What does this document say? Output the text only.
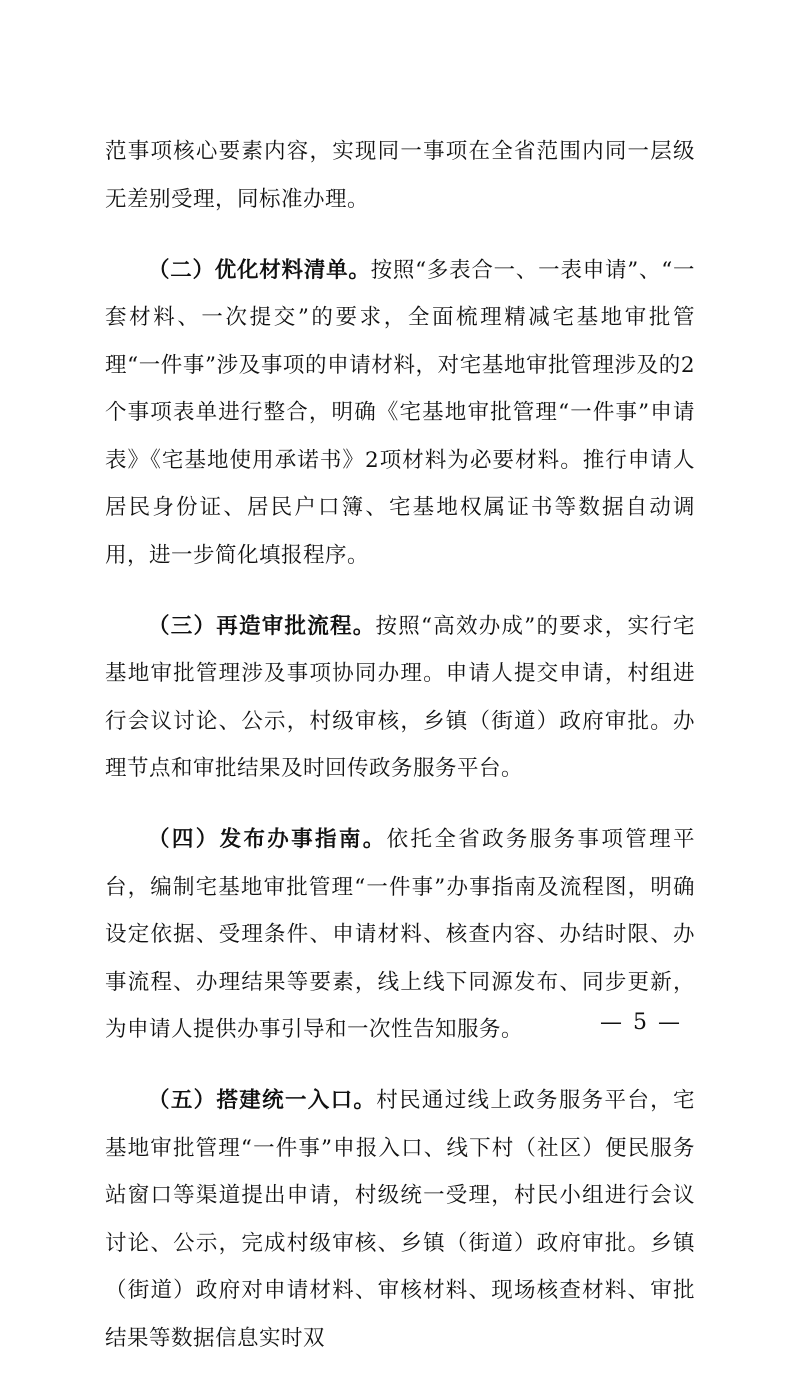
范事项核心要素内容，实现同一事项在全省范围内同一层级无差别受理，同标准办理。

（二）优化材料清单。按照“多表合一、一表申请”、“一套材料、一次提交”的要求，全面梳理精减宅基地审批管理“一件事”涉及事项的申请材料，对宅基地审批管理涉及的2个事项表单进行整合，明确《宅基地审批管理“一件事”申请表》《宅基地使用承诺书》2项材料为必要材料。推行申请人居民身份证、居民户口簿、宅基地权属证书等数据自动调用，进一步简化填报程序。

（三）再造审批流程。按照“高效办成”的要求，实行宅基地审批管理涉及事项协同办理。申请人提交申请，村组进行会议讨论、公示，村级审核，乡镇（街道）政府审批。办理节点和审批结果及时回传政务服务平台。

（四）发布办事指南。依托全省政务服务事项管理平台，编制宅基地审批管理“一件事”办事指南及流程图，明确设定依据、受理条件、申请材料、核查内容、办结时限、办事流程、办理结果等要素，线上线下同源发布、同步更新，为申请人提供办事引导和一次性告知服务。

（五）搭建统一入口。村民通过线上政务服务平台，宅基地审批管理“一件事”申报入口、线下村（社区）便民服务站窗口等渠道提出申请，村级统一受理，村民小组进行会议讨论、公示，完成村级审核、乡镇（街道）政府审批。乡镇（街道）政府对申请材料、审核材料、现场核查材料、审批结果等数据信息实时双

— 5 —
